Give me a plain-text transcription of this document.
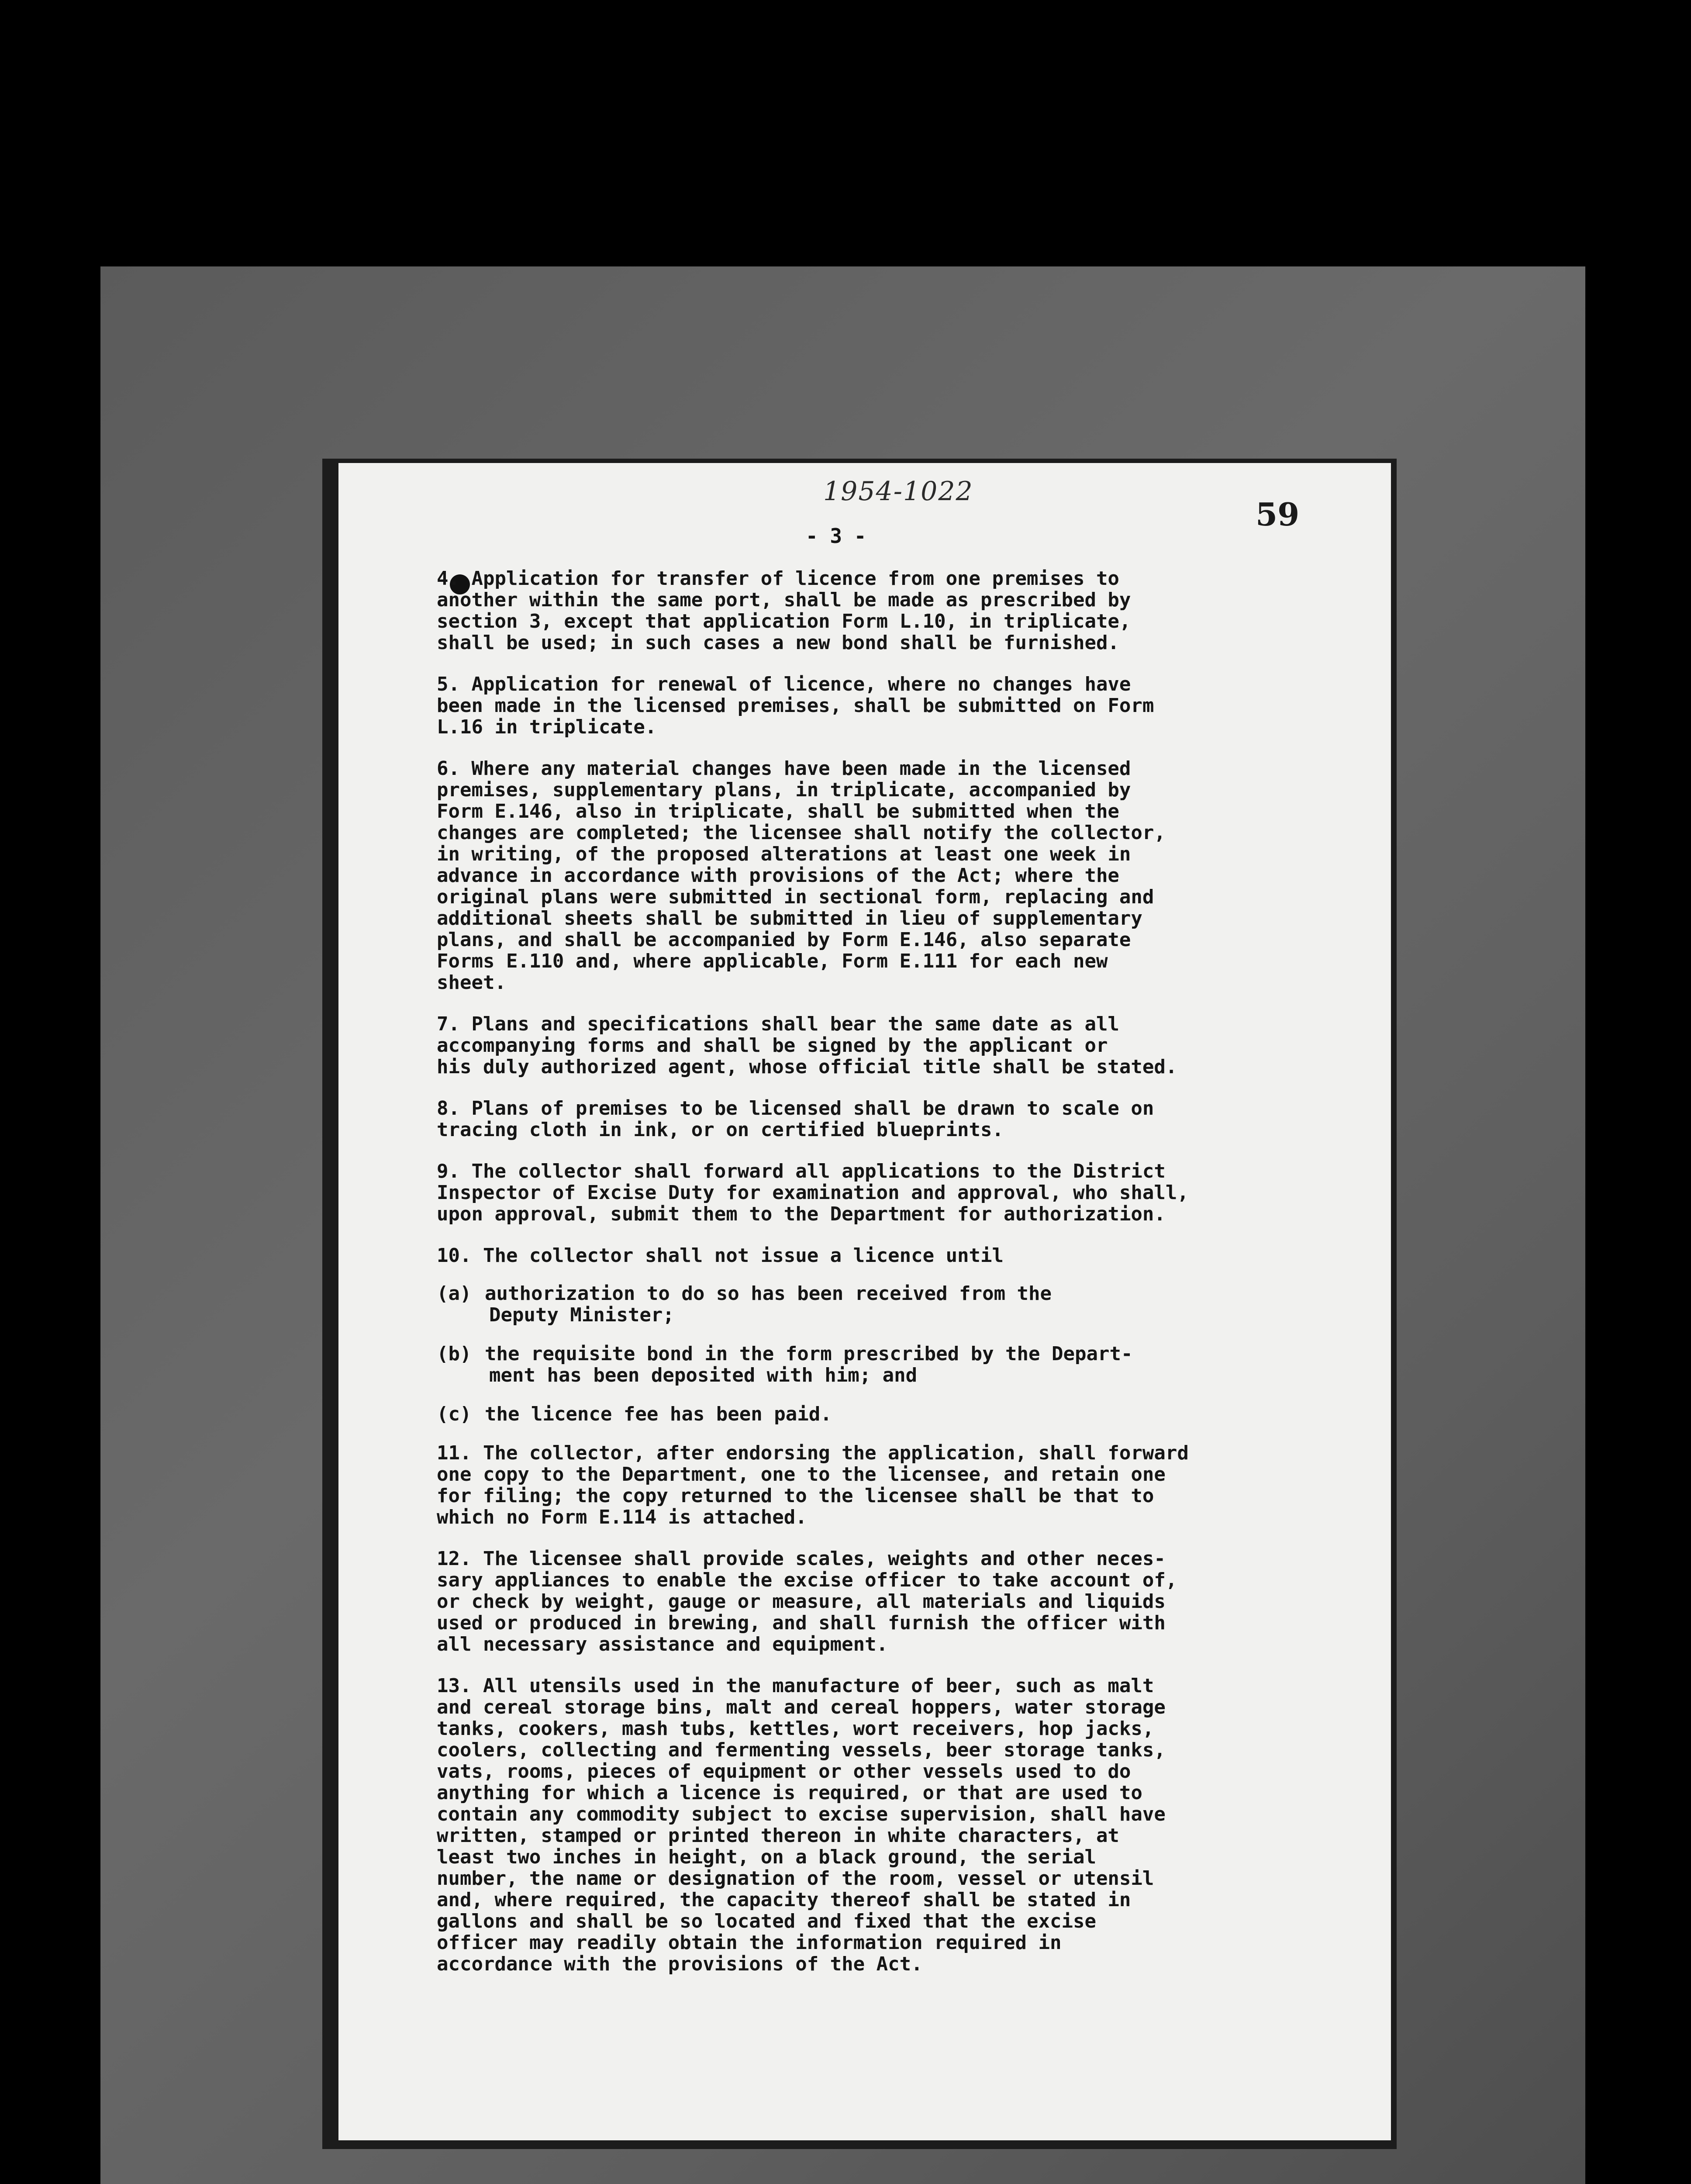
1954-1022
59
- 3 -

4. Application for transfer of licence from one premises to
another within the same port, shall be made as prescribed by
section 3, except that application Form L.10, in triplicate,
shall be used; in such cases a new bond shall be furnished.

5. Application for renewal of licence, where no changes have
been made in the licensed premises, shall be submitted on Form
L.16 in triplicate.

6. Where any material changes have been made in the licensed
premises, supplementary plans, in triplicate, accompanied by
Form E.146, also in triplicate, shall be submitted when the
changes are completed; the licensee shall notify the collector,
in writing, of the proposed alterations at least one week in
advance in accordance with provisions of the Act; where the
original plans were submitted in sectional form, replacing and
additional sheets shall be submitted in lieu of supplementary
plans, and shall be accompanied by Form E.146, also separate
Forms E.110 and, where applicable, Form E.111 for each new
sheet.

7. Plans and specifications shall bear the same date as all
accompanying forms and shall be signed by the applicant or
his duly authorized agent, whose official title shall be stated.

8. Plans of premises to be licensed shall be drawn to scale on
tracing cloth in ink, or on certified blueprints.

9. The collector shall forward all applications to the District
Inspector of Excise Duty for examination and approval, who shall,
upon approval, submit them to the Department for authorization.

10. The collector shall not issue a licence until

(a) authorization to do so has been received from the
Deputy Minister;
(b) the requisite bond in the form prescribed by the Depart-
ment has been deposited with him; and
(c) the licence fee has been paid.

11. The collector, after endorsing the application, shall forward
one copy to the Department, one to the licensee, and retain one
for filing; the copy returned to the licensee shall be that to
which no Form E.114 is attached.

12. The licensee shall provide scales, weights and other neces-
sary appliances to enable the excise officer to take account of,
or check by weight, gauge or measure, all materials and liquids
used or produced in brewing, and shall furnish the officer with
all necessary assistance and equipment.

13. All utensils used in the manufacture of beer, such as malt
and cereal storage bins, malt and cereal hoppers, water storage
tanks, cookers, mash tubs, kettles, wort receivers, hop jacks,
coolers, collecting and fermenting vessels, beer storage tanks,
vats, rooms, pieces of equipment or other vessels used to do
anything for which a licence is required, or that are used to
contain any commodity subject to excise supervision, shall have
written, stamped or printed thereon in white characters, at
least two inches in height, on a black ground, the serial
number, the name or designation of the room, vessel or utensil
and, where required, the capacity thereof shall be stated in
gallons and shall be so located and fixed that the excise
officer may readily obtain the information required in
accordance with the provisions of the Act.
